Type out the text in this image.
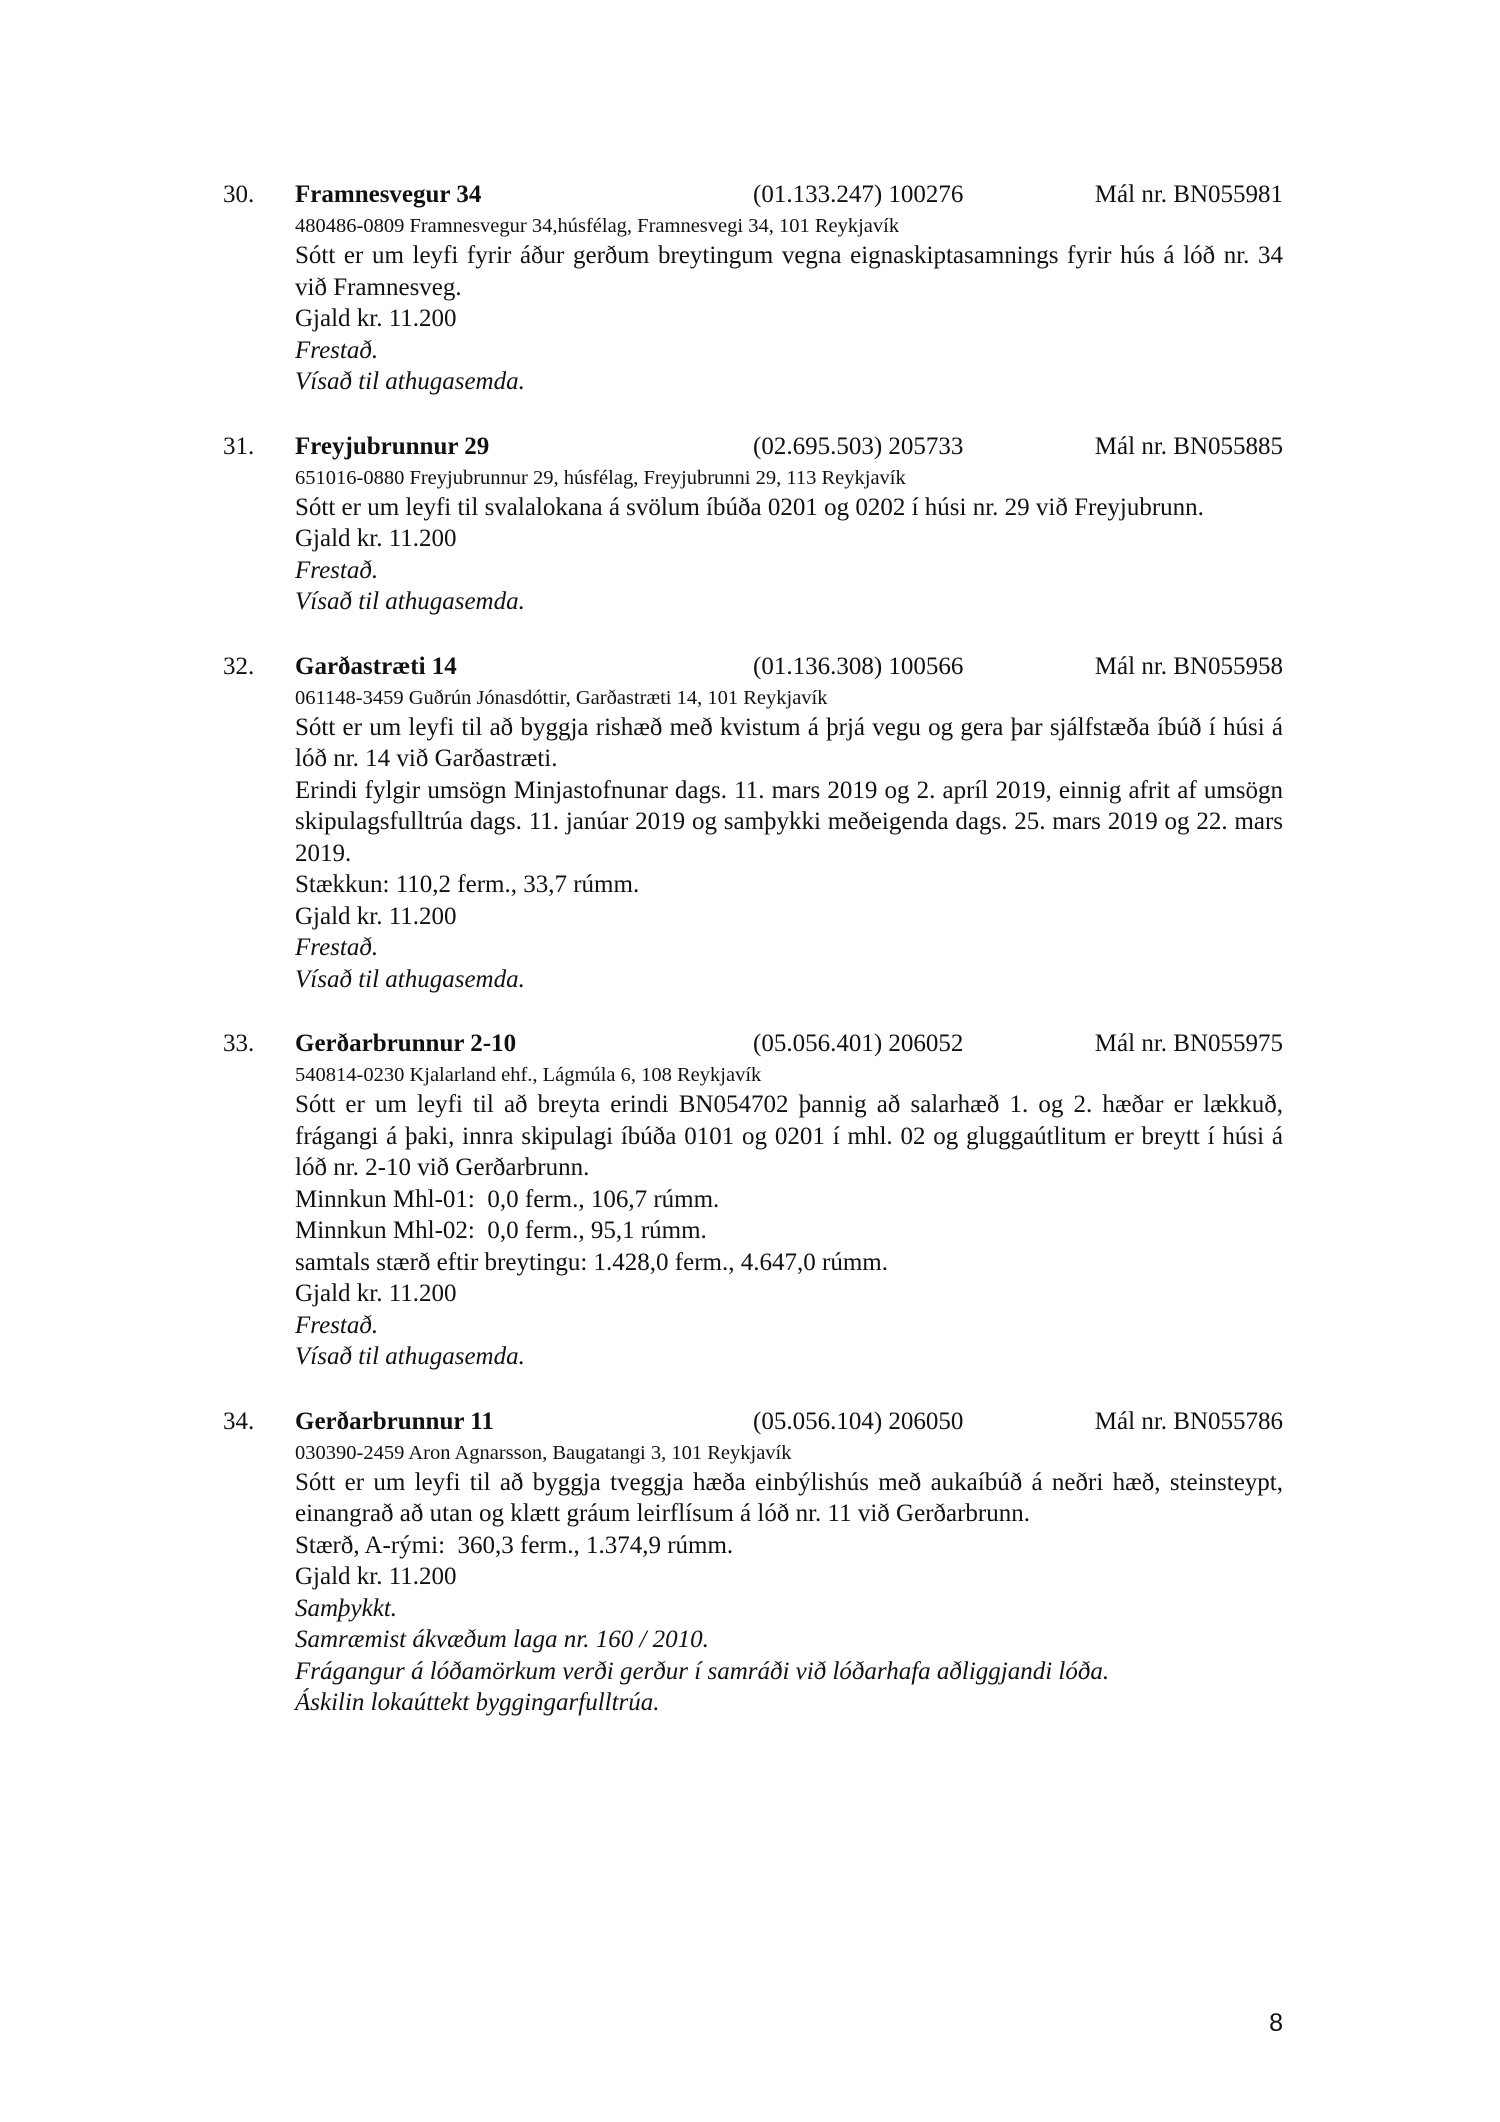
30. Framnesvegur 34	(01.133.247) 100276	Mál nr. BN055981
480486-0809 Framnesvegur 34,húsfélag, Framnesvegi 34, 101 Reykjavík
Sótt er um leyfi fyrir áður gerðum breytingum vegna eignaskiptasamnings fyrir hús á lóð nr. 34 við Framnesveg.
Gjald kr. 11.200
Frestað.
Vísað til athugasemda.
31. Freyjubrunnur 29	(02.695.503) 205733	Mál nr. BN055885
651016-0880 Freyjubrunnur 29, húsfélag, Freyjubrunni 29, 113 Reykjavík
Sótt er um leyfi til svalalokana á svölum íbúða 0201 og 0202 í húsi nr. 29 við Freyjubrunn.
Gjald kr. 11.200
Frestað.
Vísað til athugasemda.
32. Garðastræti 14	(01.136.308) 100566	Mál nr. BN055958
061148-3459 Guðrún Jónasdóttir, Garðastræti 14, 101 Reykjavík
Sótt er um leyfi til að byggja rishæð með kvistum á þrjá vegu og gera þar sjálfstæða íbúð í húsi á lóð nr. 14 við Garðastræti.
Erindi fylgir umsögn Minjastofnunar dags. 11. mars 2019 og 2. apríl 2019, einnig afrit af umsögn skipulagsfulltrúa dags. 11. janúar 2019 og samþykki meðeigenda dags. 25. mars 2019 og 22. mars 2019.
Stækkun: 110,2 ferm., 33,7 rúmm.
Gjald kr. 11.200
Frestað.
Vísað til athugasemda.
33. Gerðarbrunnur 2-10	(05.056.401) 206052	Mál nr. BN055975
540814-0230 Kjalarland ehf., Lágmúla 6, 108 Reykjavík
Sótt er um leyfi til að breyta erindi BN054702 þannig að salarhæð 1. og 2. hæðar er lækkuð, frágangi á þaki, innra skipulagi íbúða 0101 og 0201 í mhl. 02 og gluggaútlitum er breytt í húsi á lóð nr. 2-10 við Gerðarbrunn.
Minnkun Mhl-01:  0,0 ferm., 106,7 rúmm.
Minnkun Mhl-02:  0,0 ferm., 95,1 rúmm.
samtals stærð eftir breytingu: 1.428,0 ferm., 4.647,0 rúmm.
Gjald kr. 11.200
Frestað.
Vísað til athugasemda.
34. Gerðarbrunnur 11	(05.056.104) 206050	Mál nr. BN055786
030390-2459 Aron Agnarsson, Baugatangi 3, 101 Reykjavík
Sótt er um leyfi til að byggja tveggja hæða einbýlishús með aukaíbúð á neðri hæð, steinsteypt, einangrað að utan og klætt gráum leirflísum á lóð nr. 11 við Gerðarbrunn.
Stærð, A-rými:  360,3 ferm., 1.374,9 rúmm.
Gjald kr. 11.200
Samþykkt.
Samræmist ákvæðum laga nr. 160 / 2010.
Frágangur á lóðamörkum verði gerður í samráði við lóðarhafa aðliggjandi lóða.
Áskilin lokaúttekt byggingarfulltrúa.
8
